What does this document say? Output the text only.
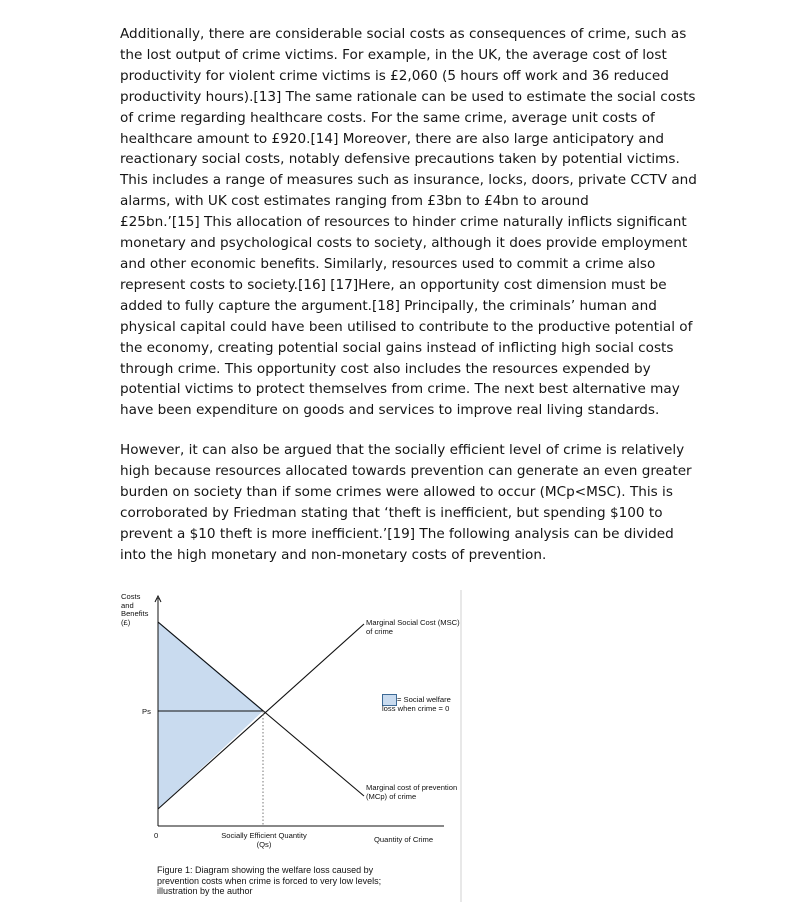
Additionally, there are considerable social costs as consequences of crime, such as
the lost output of crime victims. For example, in the UK, the average cost of lost
productivity for violent crime victims is £2,060 (5 hours off work and 36 reduced
productivity hours).[13] The same rationale can be used to estimate the social costs
of crime regarding healthcare costs. For the same crime, average unit costs of
healthcare amount to £920.[14] Moreover, there are also large anticipatory and
reactionary social costs, notably defensive precautions taken by potential victims.
This includes a range of measures such as insurance, locks, doors, private CCTV and
alarms, with UK cost estimates ranging from £3bn to £4bn to around
£25bn.’[15] This allocation of resources to hinder crime naturally inflicts significant
monetary and psychological costs to society, although it does provide employment
and other economic benefits. Similarly, resources used to commit a crime also
represent costs to society.[16] [17]Here, an opportunity cost dimension must be
added to fully capture the argument.[18] Principally, the criminals’ human and
physical capital could have been utilised to contribute to the productive potential of
the economy, creating potential social gains instead of inflicting high social costs
through crime. This opportunity cost also includes the resources expended by
potential victims to protect themselves from crime. The next best alternative may
have been expenditure on goods and services to improve real living standards.

However, it can also be argued that the socially efficient level of crime is relatively
high because resources allocated towards prevention can generate an even greater
burden on society than if some crimes were allowed to occur (MCp<MSC). This is
corroborated by Friedman stating that ‘theft is inefficient, but spending $100 to
prevent a $10 theft is more inefficient.’[19] The following analysis can be divided
into the high monetary and non-monetary costs of prevention.

Costs
and
Benefits
(£)
Ps
0	Quantity of Crime
Socially Efficient Quantity
(Qs)
Marginal Social Cost (MSC)
of crime
Marginal cost of prevention
(MCp) of crime
= Social welfare
loss when crime = 0
Figure 1: Diagram showing the welfare loss caused by
prevention costs when crime is forced to very low levels;
illustration by the author
